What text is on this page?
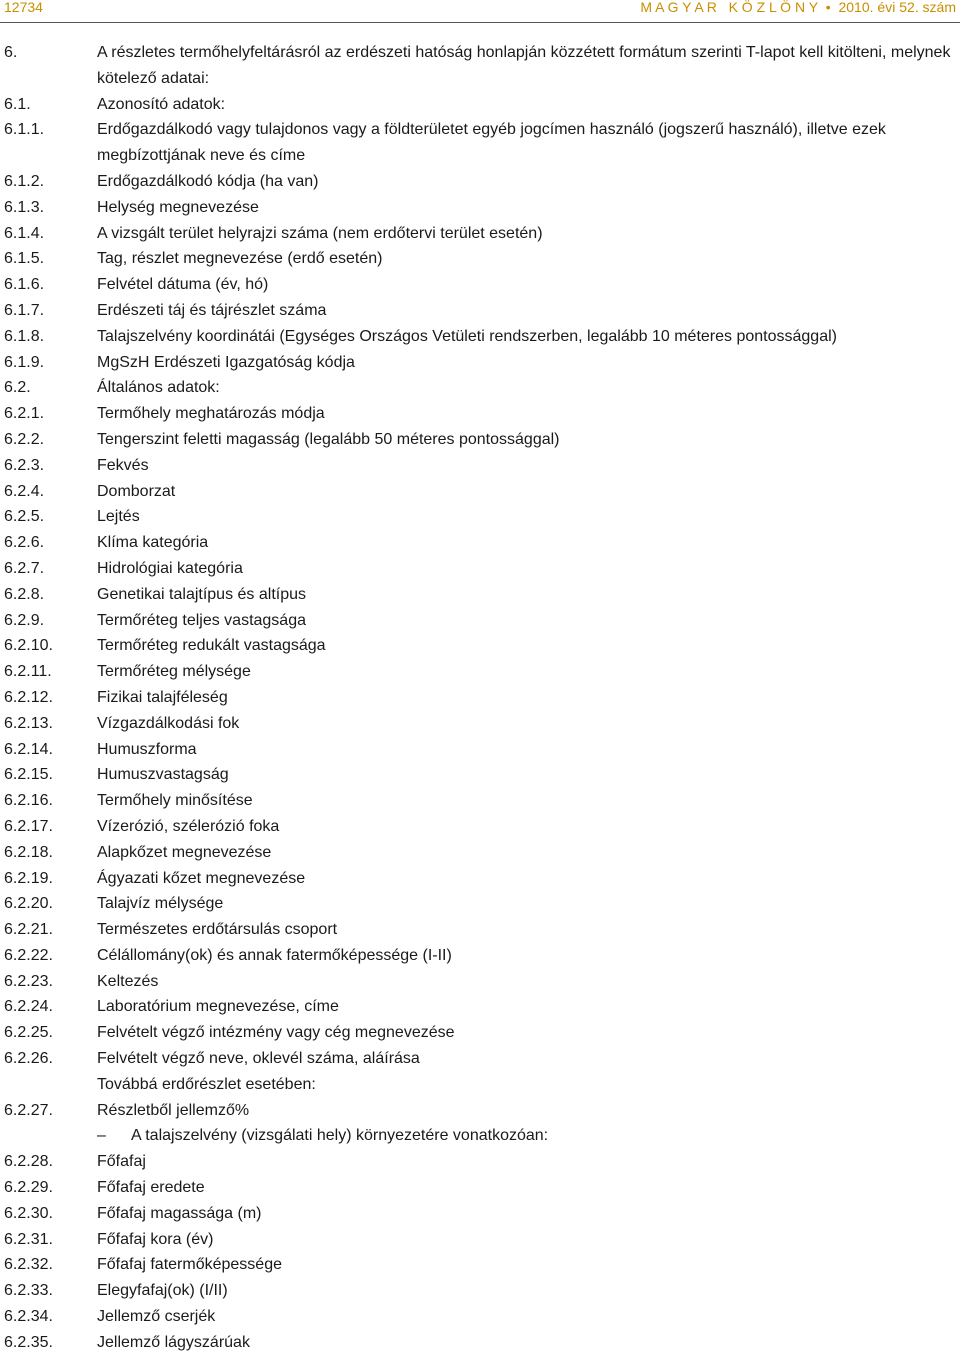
12734	M A G Y A R   K Ö Z L Ö N Y • 2010. évi 52. szám
6.	A részletes termőhelyfeltárásról az erdészeti hatóság honlapján közzétett formátum szerinti T-lapot kell kitölteni, melynek kötelező adatai:
6.1.	Azonosító adatok:
6.1.1.	Erdőgazdálkodó vagy tulajdonos vagy a földterületet egyéb jogcímen használó (jogszerű használó), illetve ezek megbízottjának neve és címe
6.1.2.	Erdőgazdálkodó kódja (ha van)
6.1.3.	Helység megnevezése
6.1.4.	A vizsgált terület helyrajzi száma (nem erdőtervi terület esetén)
6.1.5.	Tag, részlet megnevezése (erdő esetén)
6.1.6.	Felvétel dátuma (év, hó)
6.1.7.	Erdészeti táj és tájrészlet száma
6.1.8.	Talajszelvény koordinátái (Egységes Országos Vetületi rendszerben, legalább 10 méteres pontossággal)
6.1.9.	MgSzH Erdészeti Igazgatóság kódja
6.2.	Általános adatok:
6.2.1.	Termőhely meghatározás módja
6.2.2.	Tengerszint feletti magasság (legalább 50 méteres pontossággal)
6.2.3.	Fekvés
6.2.4.	Domborzat
6.2.5.	Lejtés
6.2.6.	Klíma kategória
6.2.7.	Hidrológiai kategória
6.2.8.	Genetikai talajtípus és altípus
6.2.9.	Termőréteg teljes vastagsága
6.2.10.	Termőréteg redukált vastagsága
6.2.11.	Termőréteg mélysége
6.2.12.	Fizikai talajféleség
6.2.13.	Vízgazdálkodási fok
6.2.14.	Humuszforma
6.2.15.	Humuszvastagság
6.2.16.	Termőhely minősítése
6.2.17.	Vízerózió, szélerózió foka
6.2.18.	Alapkőzet megnevezése
6.2.19.	Ágyazati kőzet megnevezése
6.2.20.	Talajvíz mélysége
6.2.21.	Természetes erdőtársulás csoport
6.2.22.	Célállomány(ok) és annak fatermőképessége (I-II)
6.2.23.	Keltezés
6.2.24.	Laboratórium megnevezése, címe
6.2.25.	Felvételt végző intézmény vagy cég megnevezése
6.2.26.	Felvételt végző neve, oklevél száma, aláírása
Továbbá erdőrészlet esetében:
6.2.27.	Részletből jellemző%
– A talajszelvény (vizsgálati hely) környezetére vonatkozóan:
6.2.28.	Főfafaj
6.2.29.	Főfafaj eredete
6.2.30.	Főfafaj magassága (m)
6.2.31.	Főfafaj kora (év)
6.2.32.	Főfafaj fatermőképessége
6.2.33.	Elegyfafaj(ok) (I/II)
6.2.34.	Jellemző cserjék
6.2.35.	Jellemző lágyszárúak
